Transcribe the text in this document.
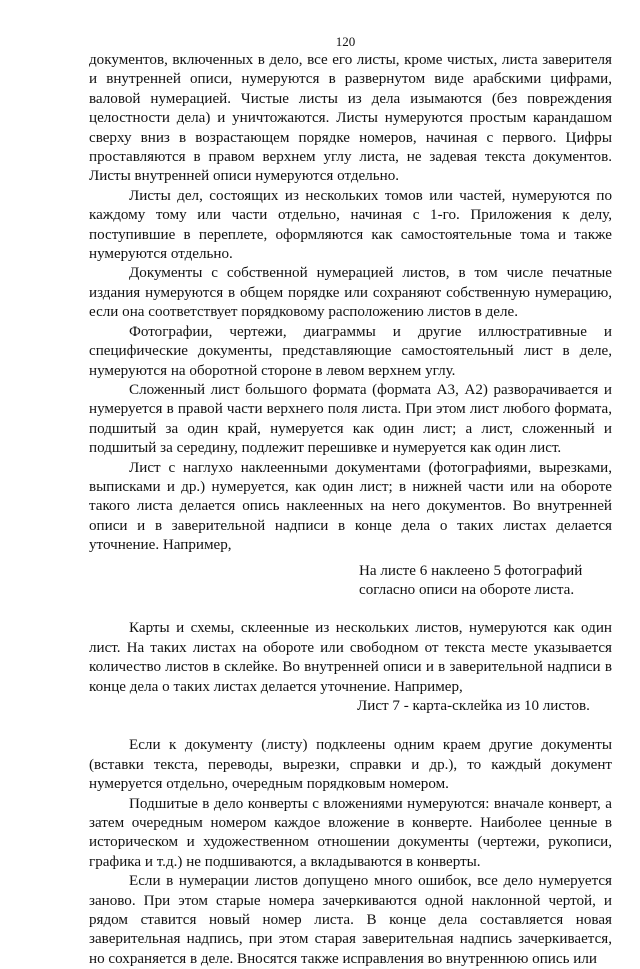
120

документов, включенных в дело, все его листы, кроме чистых, листа заверителя и внутренней описи, нумеруются в развернутом виде арабскими цифрами, валовой нумерацией. Чистые листы из дела изымаются (без повреждения целостности дела) и уничтожаются. Листы нумеруются простым карандашом сверху вниз в возрастающем порядке номеров, начиная с первого. Цифры проставляются в правом верхнем углу листа, не задевая текста документов. Листы внутренней описи нумеруются отдельно.

Листы дел, состоящих из нескольких томов или частей, нумеруются по каждому тому или части отдельно, начиная с 1-го. Приложения к делу, поступившие в переплете, оформляются как самостоятельные тома и также нумеруются отдельно.

Документы с собственной нумерацией листов, в том числе печатные издания нумеруются в общем порядке или сохраняют собственную нумерацию, если она соответствует порядковому расположению листов в деле.

Фотографии, чертежи, диаграммы и другие иллюстративные и специфические документы, представляющие самостоятельный лист в деле, нумеруются на оборотной стороне в левом верхнем углу.

Сложенный лист большого формата (формата А3, А2) разворачивается и нумеруется в правой части верхнего поля листа. При этом лист любого формата, подшитый за один край, нумеруется как один лист; а лист, сложенный и подшитый за середину, подлежит перешивке и нумеруется как один лист.

Лист с наглухо наклеенными документами (фотографиями, вырезками, выписками и др.) нумеруется, как один лист; в нижней части или на обороте такого листа делается опись наклеенных на него документов. Во внутренней описи и в заверительной надписи в конце дела о таких листах делается уточнение. Например,

На листе 6 наклеено 5 фотографий

согласно описи на обороте листа.

Карты и схемы, склеенные из нескольких листов, нумеруются как один лист. На таких листах на обороте или свободном от текста месте указывается количество листов в склейке. Во внутренней описи и в заверительной надписи в конце дела о таких листах делается уточнение. Например,

Лист 7 - карта-склейка из 10 листов.

Если к документу (листу) подклеены одним краем другие документы (вставки текста, переводы, вырезки, справки и др.), то каждый документ нумеруется отдельно, очередным порядковым номером.

Подшитые в дело конверты с вложениями нумеруются: вначале конверт, а затем очередным номером каждое вложение в конверте. Наиболее ценные в историческом и художественном отношении документы (чертежи, рукописи, графика и т.д.) не подшиваются, а вкладываются в конверты.

Если в нумерации листов допущено много ошибок, все дело нумеруется заново. При этом старые номера зачеркиваются одной наклонной чертой, и рядом ставится новый номер листа. В конце дела составляется новая заверительная надпись, при этом старая заверительная надпись зачеркивается, но сохраняется в деле. Вносятся также исправления во внутреннюю опись или
